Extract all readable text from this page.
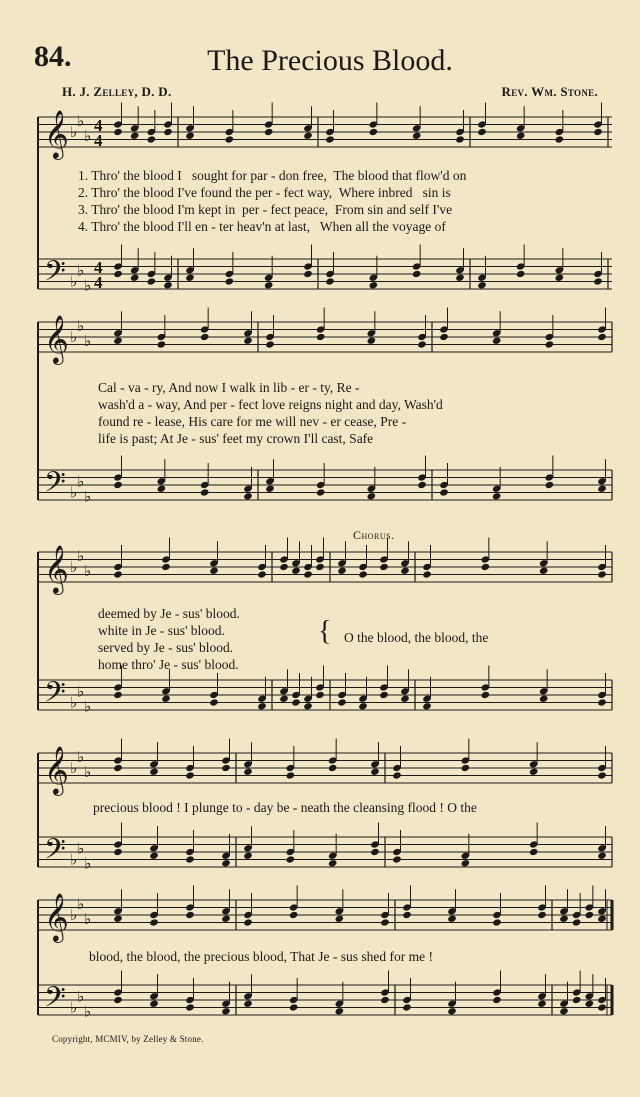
84.	The Precious Blood.
H. J. Zelley, D. D.	Rev. Wm. Stone.
𝄞 ♭
♭
♭
4
4
𝄢 ♭
♭
♭
4
4
𝄞 ♭
♭
♭
𝄢 ♭
♭
♭
𝄞 ♭
♭
♭
𝄢 ♭
♭
♭
𝄞 ♭
♭
♭
𝄢 ♭
♭
♭
𝄞 ♭
♭
♭
𝄢 ♭
♭
♭
1. Thro' the blood I sought for par - don free, The blood that flow'd on
2. Thro' the blood I've found the per - fect way, Where inbred sin is
3. Thro' the blood I'm kept in per - fect peace, From sin and self I've
4. Thro' the blood I'll en - ter heav'n at last, When all the voyage of
Cal - va - ry, And now I walk in lib - er - ty, Re -
wash'd a - way, And per - fect love reigns night and day, Wash'd
found re - lease, His care for me will nev - er cease, Pre -
life is past; At Je - sus' feet my crown I'll cast, Safe
Chorus.
deemed by Je - sus' blood.
white in Je - sus' blood.
served by Je - sus' blood.
home thro' Je - sus' blood.
{ O the blood, the blood, the
precious blood ! I plunge to - day be - neath the cleansing flood ! O the
blood, the blood, the precious blood, That Je - sus shed for me !
Copyright, MCMIV, by Zelley & Stone.
